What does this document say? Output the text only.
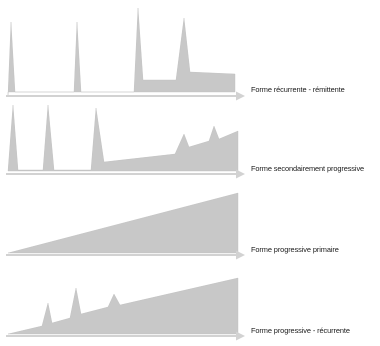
Forme récurrente - rémittente
Forme secondairement progressive
Forme progressive primaire
Forme progressive - récurrente
